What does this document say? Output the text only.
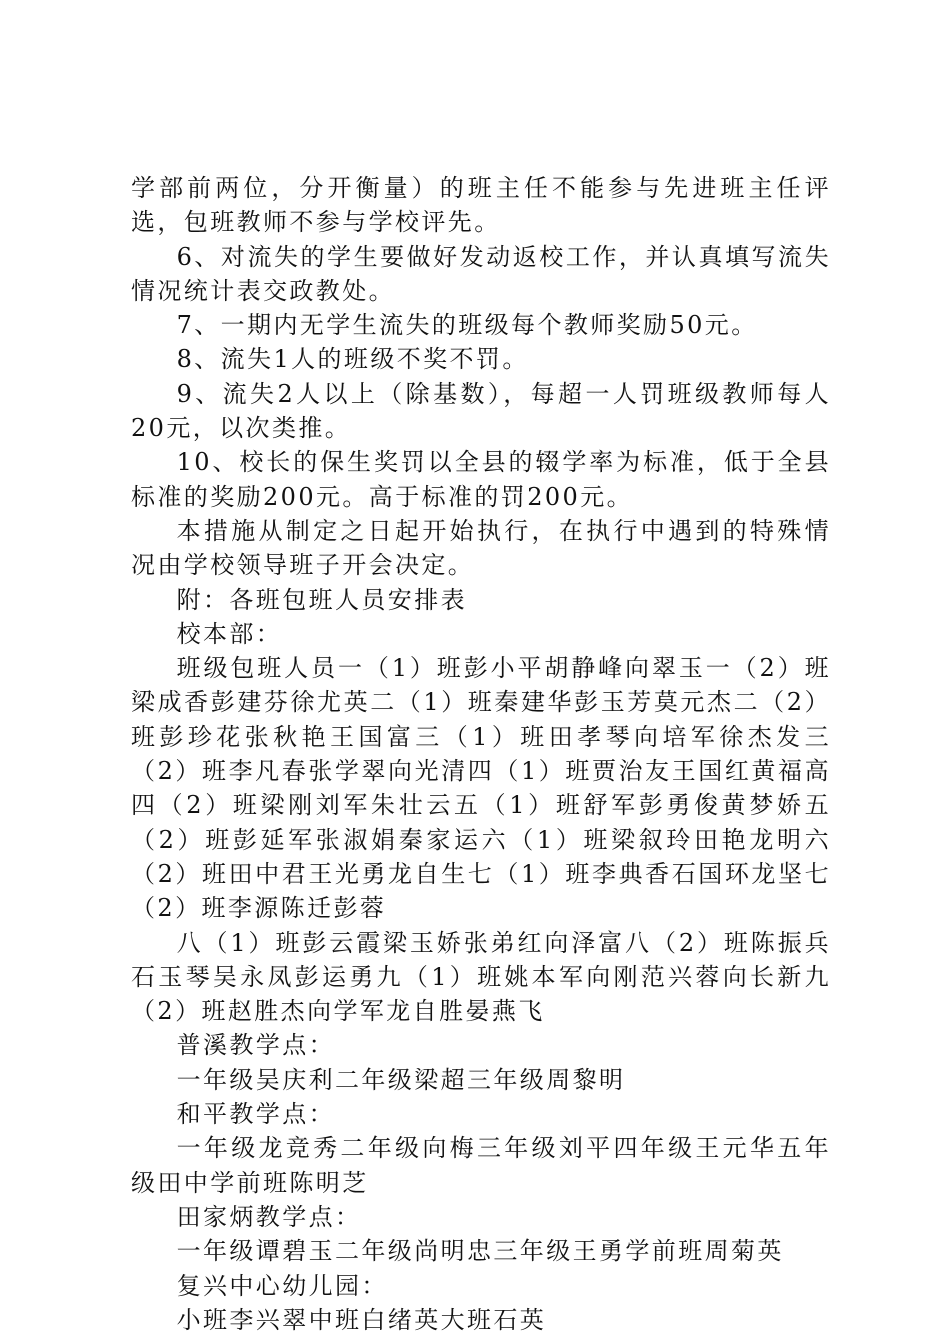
学部前两位，分开衡量）的班主任不能参与先进班主任评选，包班教师不参与学校评先。

6、对流失的学生要做好发动返校工作，并认真填写流失情况统计表交政教处。

7、一期内无学生流失的班级每个教师奖励50元。

8、流失1人的班级不奖不罚。

9、流失2人以上（除基数），每超一人罚班级教师每人20元，以次类推。

10、校长的保生奖罚以全县的辍学率为标准，低于全县标准的奖励200元。高于标准的罚200元。

本措施从制定之日起开始执行，在执行中遇到的特殊情况由学校领导班子开会决定。

附：各班包班人员安排表

校本部：

班级包班人员一（1）班彭小平胡静峰向翠玉一（2）班梁成香彭建芬徐尤英二（1）班秦建华彭玉芳莫元杰二（2）班彭珍花张秋艳王国富三（1）班田孝琴向培军徐杰发三（2）班李凡春张学翠向光清四（1）班贾治友王国红黄福高四（2）班梁刚刘军朱壮云五（1）班舒军彭勇俊黄梦娇五（2）班彭延军张淑娟秦家运六（1）班梁叙玲田艳龙明六（2）班田中君王光勇龙自生七（1）班李典香石国环龙坚七（2）班李源陈迁彭蓉

八（1）班彭云霞梁玉娇张弟红向泽富八（2）班陈振兵石玉琴吴永凤彭运勇九（1）班姚本军向刚范兴蓉向长新九（2）班赵胜杰向学军龙自胜晏燕飞

普溪教学点：

一年级吴庆利二年级梁超三年级周黎明

和平教学点：

一年级龙竞秀二年级向梅三年级刘平四年级王元华五年级田中学前班陈明芝

田家炳教学点：

一年级谭碧玉二年级尚明忠三年级王勇学前班周菊英

复兴中心幼儿园：

小班李兴翠中班白绪英大班石英
